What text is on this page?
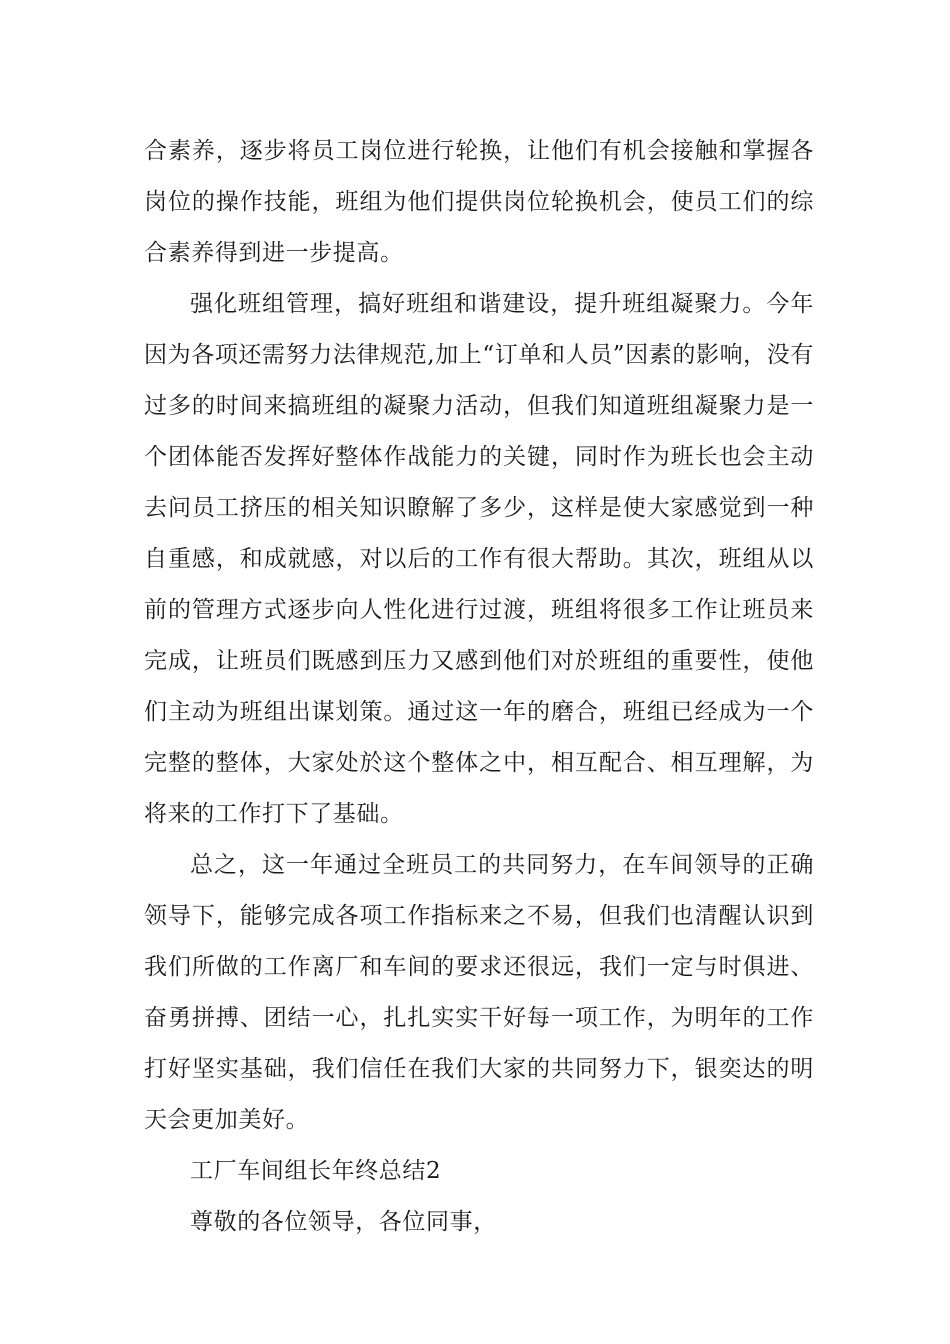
合素养，逐步将员工岗位进行轮换，让他们有机会接触和掌握各岗位的操作技能，班组为他们提供岗位轮换机会，使员工们的综合素养得到进一步提高。

强化班组管理，搞好班组和谐建设，提升班组凝聚力。今年因为各项还需努力法律规范,加上“订单和人员”因素的影响，没有过多的时间来搞班组的凝聚力活动，但我们知道班组凝聚力是一个团体能否发挥好整体作战能力的关键，同时作为班长也会主动去问员工挤压的相关知识瞭解了多少，这样是使大家感觉到一种自重感，和成就感，对以后的工作有很大帮助。其次，班组从以前的管理方式逐步向人性化进行过渡，班组将很多工作让班员来完成，让班员们既感到压力又感到他们对於班组的重要性，使他们主动为班组出谋划策。通过这一年的磨合，班组已经成为一个完整的整体，大家处於这个整体之中，相互配合、相互理解，为将来的工作打下了基础。

总之，这一年通过全班员工的共同努力，在车间领导的正确领导下，能够完成各项工作指标来之不易，但我们也清醒认识到我们所做的工作离厂和车间的要求还很远，我们一定与时俱进、奋勇拼搏、团结一心，扎扎实实干好每一项工作，为明年的工作打好坚实基础，我们信任在我们大家的共同努力下，银奕达的明天会更加美好。

工厂车间组长年终总结2

尊敬的各位领导，各位同事，
